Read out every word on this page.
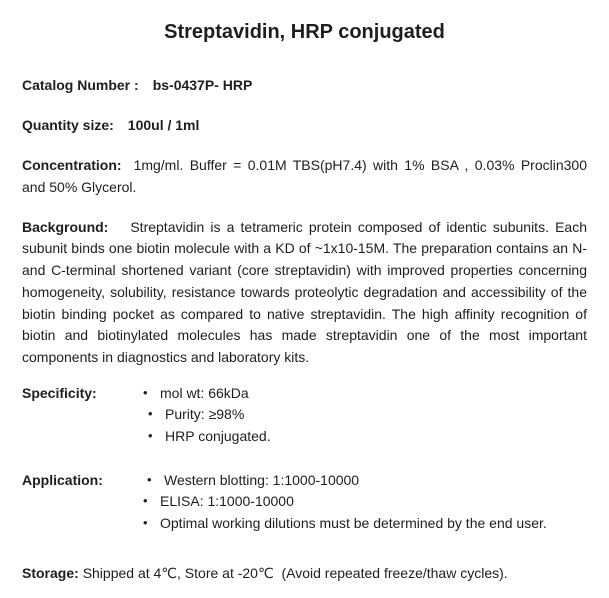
Streptavidin, HRP conjugated
Catalog Number : bs-0437P- HRP
Quantity size: 100ul / 1ml

Concentration: 1mg/ml. Buffer = 0.01M TBS(pH7.4) with 1% BSA , 0.03% Proclin300 and 50% Glycerol.

Background: Streptavidin is a tetrameric protein composed of identic subunits. Each subunit binds one biotin molecule with a KD of ~1x10-15M. The preparation contains an N- and C-terminal shortened variant (core streptavidin) with improved properties concerning homogeneity, solubility, resistance towards proteolytic degradation and accessibility of the biotin binding pocket as compared to native streptavidin. The high affinity recognition of biotin and biotinylated molecules has made streptavidin one of the most important components in diagnostics and laboratory kits.

Specificity:	• mol wt: 66kDa
• Purity: ≥98%
• HRP conjugated.
Application:	• Western blotting: 1:1000-10000
• ELISA: 1:1000-10000
• Optimal working dilutions must be determined by the end user.

Storage: Shipped at 4℃, Store at -20℃  (Avoid repeated freeze/thaw cycles).
